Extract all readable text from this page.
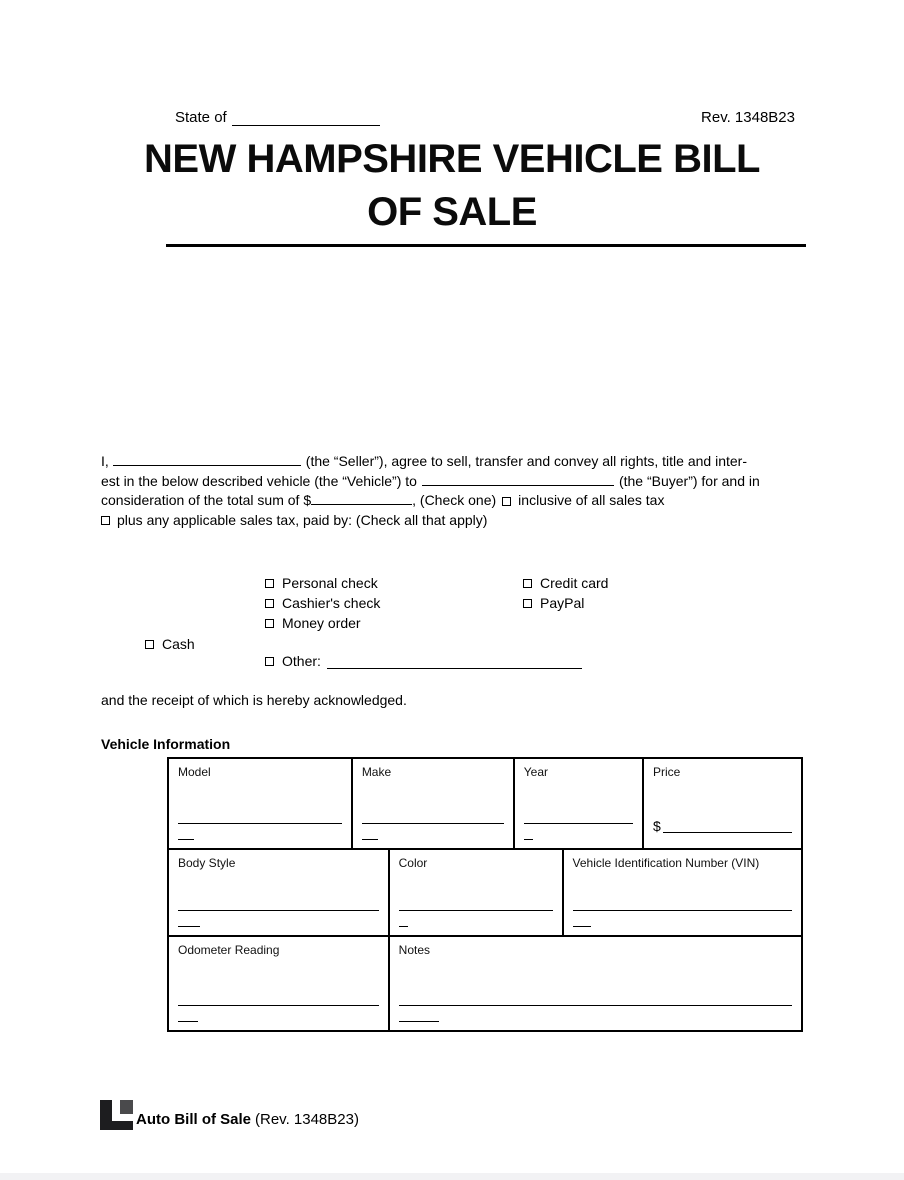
State of	Rev. 1348B23
NEW HAMPSHIRE VEHICLE BILL
OF SALE
I,	(the “Seller”), agree to sell, transfer and convey all rights, title and inter-
est in the below described vehicle (the “Vehicle”) to	(the “Buyer”) for and in
consideration of the total sum of $	, (Check one) inclusive of all sales tax
plus any applicable sales tax, paid by: (Check all that apply)
Personal check
Cashier's check
Money order
Credit card
PayPal
Cash
Other:
and the receipt of which is hereby acknowledged.
Vehicle Information
Model	Make	Year	Price
$
Body Style	Color	Vehicle Identification Number (VIN)
Odometer Reading	Notes
Auto Bill of Sale (Rev. 1348B23)
